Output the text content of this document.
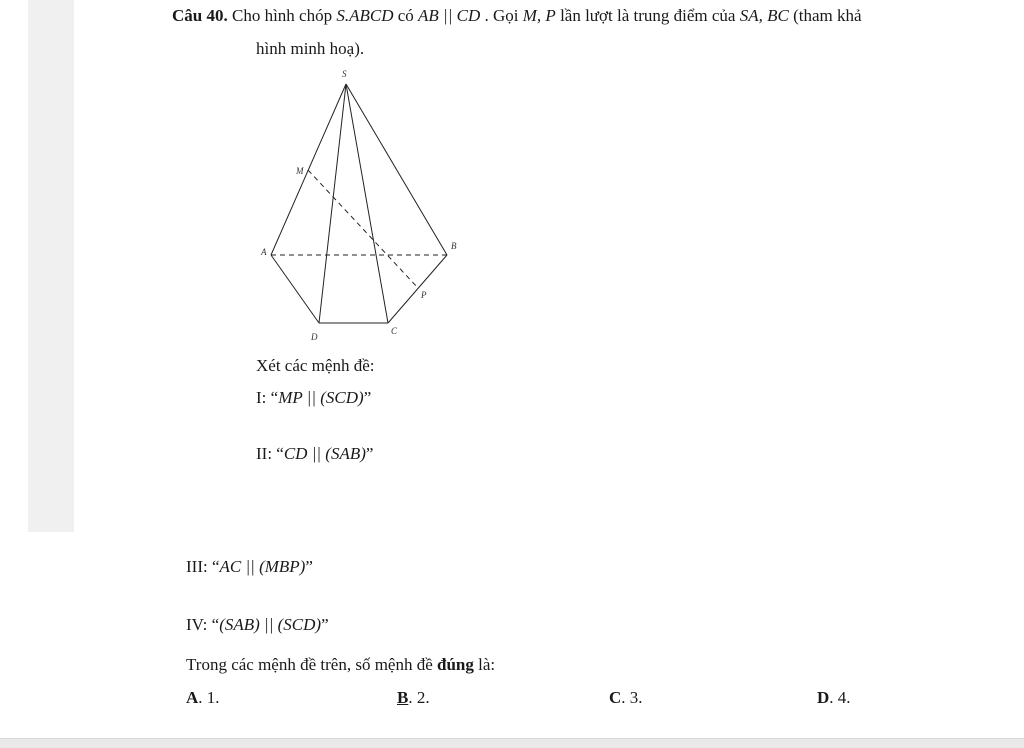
Câu 40. Cho hình chóp S.ABCD có AB || CD . Gọi M, P lần lượt là trung điểm của SA, BC (tham khả
hình minh hoạ).
S
M
A
B
P
D
C
Xét các mệnh đề:
I: “MP || (SCD)”
II: “CD || (SAB)”
III: “AC || (MBP)”
IV: “(SAB) || (SCD)”
Trong các mệnh đề trên, số mệnh đề đúng là:
A. 1.	B. 2.	C. 3.	D. 4.
